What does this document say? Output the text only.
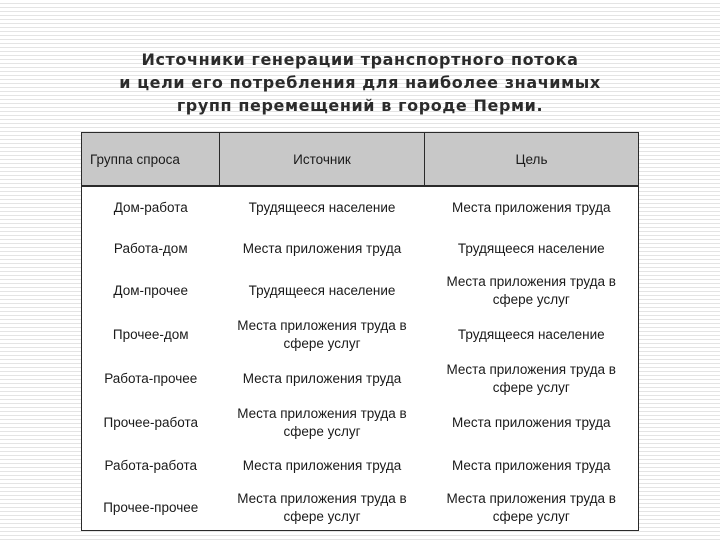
Источники генерации транспортного потока
и цели его потребления для наиболее значимых
групп перемещений в городе Перми.
Группа спроса	Источник	Цель
Дом-работа	Трудящееся население	Места приложения труда
Работа-дом	Места приложения труда	Трудящееся население
Дом-прочее	Трудящееся население	Места приложения труда в сфере услуг
Прочее-дом	Места приложения труда в сфере услуг	Трудящееся население
Работа-прочее	Места приложения труда	Места приложения труда в сфере услуг
Прочее-работа	Места приложения труда в сфере услуг	Места приложения труда
Работа-работа	Места приложения труда	Места приложения труда
Прочее-прочее	Места приложения труда в сфере услуг	Места приложения труда в сфере услуг
